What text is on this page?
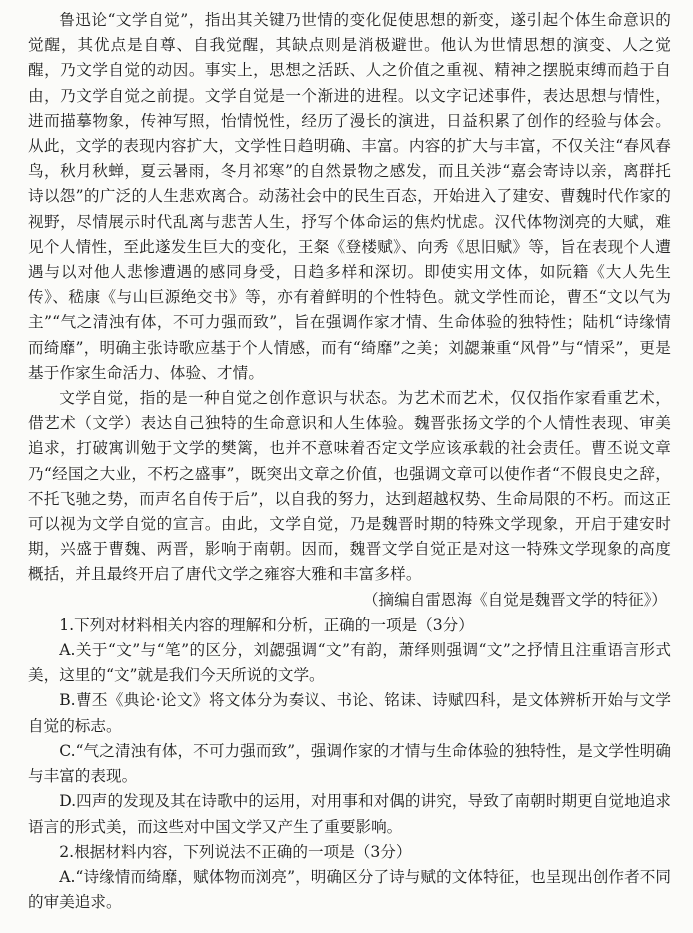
鲁迅论“文学自觉”，指出其关键乃世情的变化促使思想的新变，遂引起个体生命意识的觉醒，其优点是自尊、自我觉醒，其缺点则是消极避世。他认为世情思想的演变、人之觉醒，乃文学自觉的动因。事实上，思想之活跃、人之价值之重视、精神之摆脱束缚而趋于自由，乃文学自觉之前提。文学自觉是一个渐进的进程。以文字记述事件，表达思想与情性，进而描摹物象，传神写照，怡情悦性，经历了漫长的演进，日益积累了创作的经验与体会。从此，文学的表现内容扩大，文学性日趋明确、丰富。内容的扩大与丰富，不仅关注“春风春鸟，秋月秋蝉，夏云暑雨，冬月祁寒”的自然景物之感发，而且关涉“嘉会寄诗以亲，离群托诗以怨”的广泛的人生悲欢离合。动荡社会中的民生百态，开始进入了建安、曹魏时代作家的视野，尽情展示时代乱离与悲苦人生，抒写个体命运的焦灼忧虑。汉代体物浏亮的大赋，难见个人情性，至此遂发生巨大的变化，王粲《登楼赋》、向秀《思旧赋》等，旨在表现个人遭遇与以对他人悲惨遭遇的感同身受，日趋多样和深切。即使实用文体，如阮籍《大人先生传》、嵇康《与山巨源绝交书》等，亦有着鲜明的个性特色。就文学性而论，曹丕“文以气为主”“气之清浊有体，不可力强而致”，旨在强调作家才情、生命体验的独特性；陆机“诗缘情而绮靡”，明确主张诗歌应基于个人情感，而有“绮靡”之美；刘勰兼重“风骨”与“情采”，更是基于作家生命活力、体验、才情。

文学自觉，指的是一种自觉之创作意识与状态。为艺术而艺术，仅仅指作家看重艺术，借艺术（文学）表达自己独特的生命意识和人生体验。魏晋张扬文学的个人情性表现、审美追求，打破寓训勉于文学的樊篱，也并不意味着否定文学应该承载的社会责任。曹丕说文章乃“经国之大业，不朽之盛事”，既突出文章之价值，也强调文章可以使作者“不假良史之辞，不托飞驰之势，而声名自传于后”，以自我的努力，达到超越权势、生命局限的不朽。而这正可以视为文学自觉的宣言。由此，文学自觉，乃是魏晋时期的特殊文学现象，开启于建安时期，兴盛于曹魏、两晋，影响于南朝。因而，魏晋文学自觉正是对这一特殊文学现象的高度概括，并且最终开启了唐代文学之雍容大雅和丰富多样。

（摘编自雷恩海《自觉是魏晋文学的特征》）

1.下列对材料相关内容的理解和分析，正确的一项是（3分）

A.关于“文”与“笔”的区分，刘勰强调“文”有韵，萧绎则强调“文”之抒情且注重语言形式美，这里的“文”就是我们今天所说的文学。

B.曹丕《典论·论文》将文体分为奏议、书论、铭诔、诗赋四科，是文体辨析开始与文学自觉的标志。

C.“气之清浊有体，不可力强而致”，强调作家的才情与生命体验的独特性，是文学性明确与丰富的表现。

D.四声的发现及其在诗歌中的运用，对用事和对偶的讲究，导致了南朝时期更自觉地追求语言的形式美，而这些对中国文学又产生了重要影响。

2.根据材料内容，下列说法不正确的一项是（3分）

A.“诗缘情而绮靡，赋体物而浏亮”，明确区分了诗与赋的文体特征，也呈现出创作者不同的审美追求。
